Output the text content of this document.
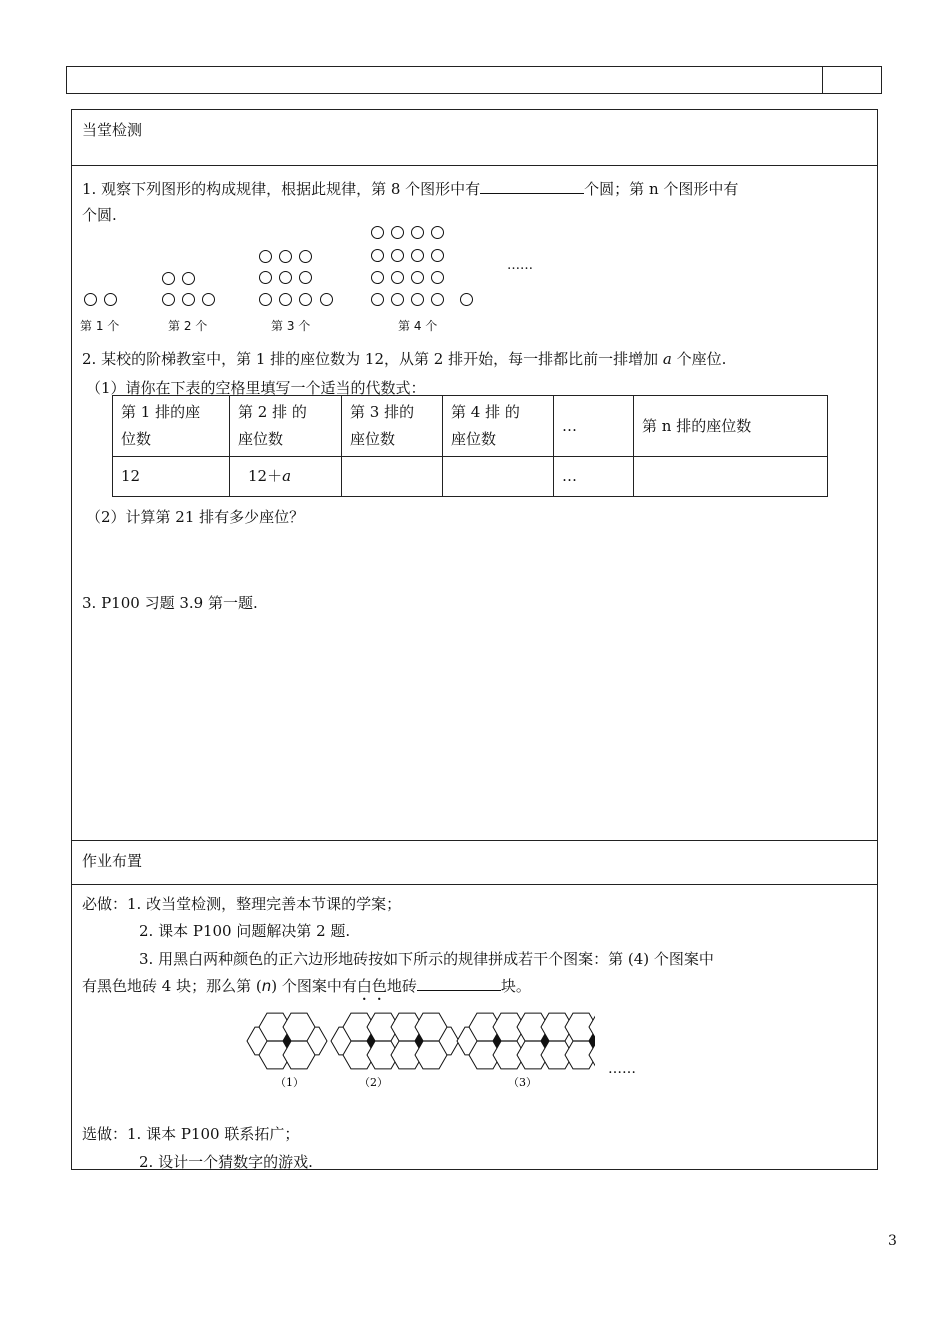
当堂检测
1. 观察下列图形的构成规律，根据此规律，第 8 个图形中有	个圆；第 n 个图形中有
个圆.
……
第 1 个	第 2 个	第 3 个	第 4 个
2. 某校的阶梯教室中，第 1 排的座位数为 12，从第 2 排开始，每一排都比前一排增加 a 个座位.
（1）请你在下表的空格里填写一个适当的代数式：
第 1 排的座
位数	第 2 排 的
座位数	第 3 排的
座位数	第 4 排 的
座位数	…	第 n 排的座位数
12	12＋a			…	
（2）计算第 21 排有多少座位？
3. P100 习题 3.9 第一题.
作业布置
必做：1. 改当堂检测，整理完善本节课的学案；
2. 课本 P100 问题解决第 2 题.
3. 用黑白两种颜色的正六边形地砖按如下所示的规律拼成若干个图案：第 (4) 个图案中
有黑色地砖 4 块；那么第 (n) 个图案中有白色地砖	块。
（1）	（2）	（3）
……
选做：1. 课本 P100 联系拓广；
2. 设计一个猜数字的游戏.
3
